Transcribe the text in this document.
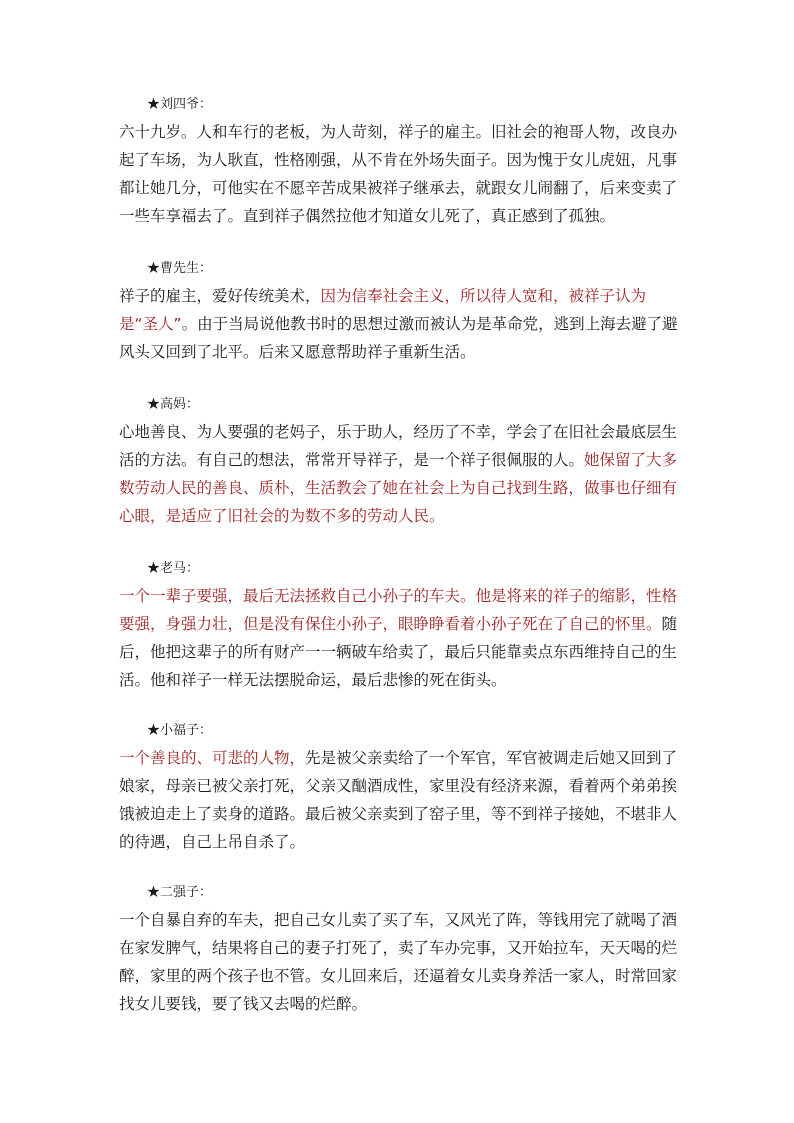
★刘四爷：

六十九岁。人和车行的老板，为人苛刻，祥子的雇主。旧社会的袍哥人物，改良办起了车场，为人耿直，性格刚强，从不肯在外场失面子。因为愧于女儿虎妞，凡事都让她几分，可他实在不愿辛苦成果被祥子继承去，就跟女儿闹翻了，后来变卖了一些车享福去了。直到祥子偶然拉他才知道女儿死了，真正感到了孤独。

★曹先生：

祥子的雇主，爱好传统美术，因为信奉社会主义，所以待人宽和，被祥子认为是“圣人”。由于当局说他教书时的思想过激而被认为是革命党，逃到上海去避了避风头又回到了北平。后来又愿意帮助祥子重新生活。

★高妈：

心地善良、为人要强的老妈子，乐于助人，经历了不幸，学会了在旧社会最底层生活的方法。有自己的想法，常常开导祥子，是一个祥子很佩服的人。她保留了大多数劳动人民的善良、质朴，生活教会了她在社会上为自己找到生路，做事也仔细有心眼，是适应了旧社会的为数不多的劳动人民。

★老马：

一个一辈子要强，最后无法拯救自己小孙子的车夫。他是将来的祥子的缩影，性格要强，身强力壮，但是没有保住小孙子，眼睁睁看着小孙子死在了自己的怀里。随后，他把这辈子的所有财产一一辆破车给卖了，最后只能靠卖点东西维持自己的生活。他和祥子一样无法摆脱命运，最后悲惨的死在街头。

★小福子：

一个善良的、可悲的人物，先是被父亲卖给了一个军官，军官被调走后她又回到了娘家，母亲已被父亲打死，父亲又酗酒成性，家里没有经济来源，看着两个弟弟挨饿被迫走上了卖身的道路。最后被父亲卖到了窑子里，等不到祥子接她，不堪非人的待遇，自己上吊自杀了。

★二强子：

一个自暴自弃的车夫，把自己女儿卖了买了车，又风光了阵，等钱用完了就喝了酒在家发脾气，结果将自己的妻子打死了，卖了车办完事，又开始拉车，天天喝的烂醉，家里的两个孩子也不管。女儿回来后，还逼着女儿卖身养活一家人，时常回家找女儿要钱，要了钱又去喝的烂醉。
